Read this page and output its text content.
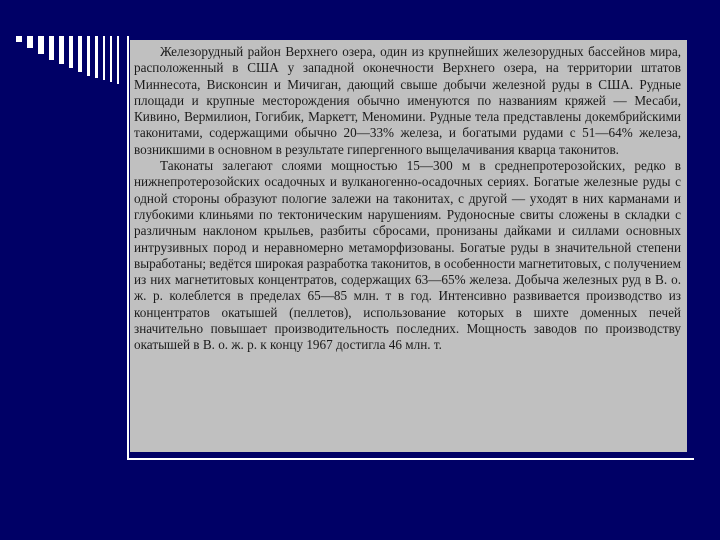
Железорудный район Верхнего озера, один из крупнейших железорудных бассейнов мира, расположенный в США у западной оконечности Верхнего озера, на территории штатов Миннесота, Висконсин и Мичиган, дающий свыше добычи железной руды в США. Рудные площади и крупные месторождения обычно именуются по названиям кряжей — Месаби, Кивино, Вермилион, Гогибик, Маркетт, Меномини. Рудные тела представлены докембрийскими таконитами, содержащими обычно 20—33% железа, и богатыми рудами с 51—64% железа, возникшими в основном в результате гипергенного выщелачивания кварца таконитов.

Таконаты залегают слоями мощностью 15—300 м в среднепротерозойских, редко в нижнепротерозойских осадочных и вулканогенно-осадочных сериях. Богатые железные руды с одной стороны образуют пологие залежи на таконитах, с другой — уходят в них карманами и глубокими клиньями по тектоническим нарушениям. Рудоносные свиты сложены в складки с различным наклоном крыльев, разбиты сбросами, пронизаны дайками и силлами основных интрузивных пород и неравномерно метаморфизованы. Богатые руды в значительной степени выработаны; ведётся широкая разработка таконитов, в особенности магнетитовых, с получением из них магнетитовых концентратов, содержащих 63—65% железа. Добыча железных руд в В. о. ж. р. колеблется в пределах 65—85 млн. т в год. Интенсивно развивается производство из концентратов окатышей (пеллетов), использование которых в шихте доменных печей значительно повышает производительность последних. Мощность заводов по производству окатышей в В. о. ж. р. к концу 1967 достигла 46 млн. т.
